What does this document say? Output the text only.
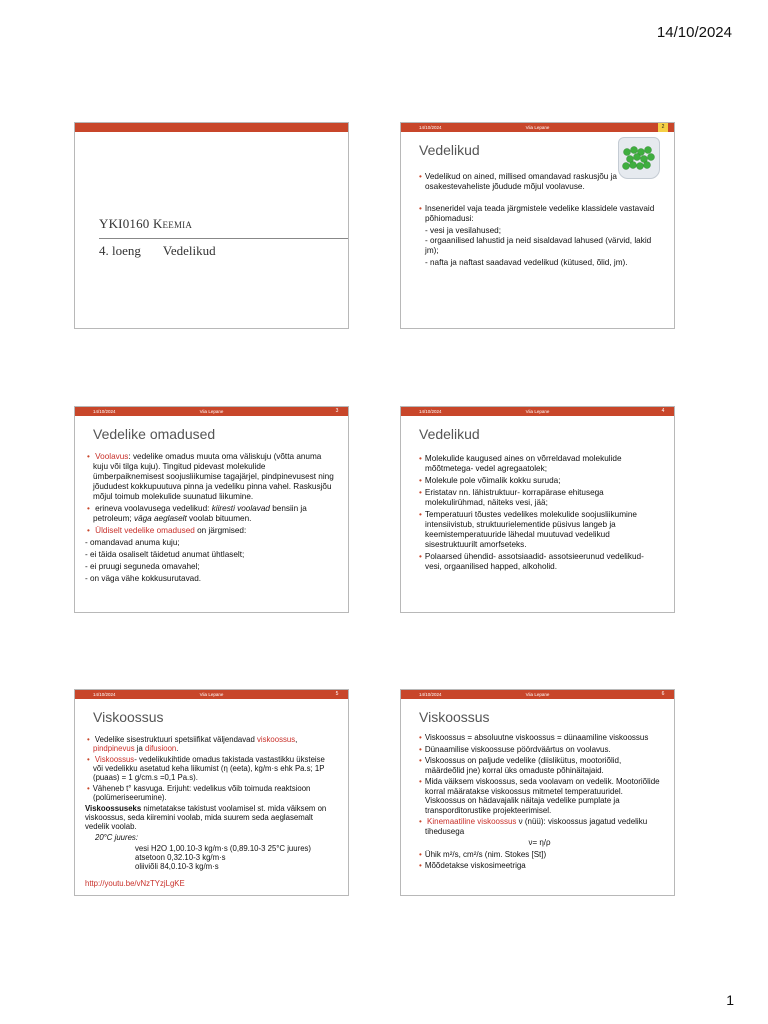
14/10/2024
YKI0160 Keemia
4. loeng Vedelikud
14/10/2024	Viia Lepane	2
Vedelikud
• Vedelikud on ained, millised omandavad raskusjõu ja osakestevaheliste jõudude mõjul voolavuse.
• Inseneridel vaja teada järgmistele vedelike klassidele vastavaid põhiomadusi:
- vesi ja vesilahused;
- orgaanilised lahustid ja neid sisaldavad lahused (värvid, lakid jm);
- nafta ja naftast saadavad vedelikud (kütused, õlid, jm).
14/10/2024	Viia Lepane	3
Vedelike omadused
• Voolavus: vedelike omadus muuta oma väliskuju (võtta anuma kuju või tilga kuju). Tingitud pidevast molekulide ümberpaiknemisest soojusliikumise tagajärjel, pindpinevusest ning jõududest kokkupuutuva pinna ja vedeliku pinna vahel. Raskusjõu mõjul toimub molekulide suunatud liikumine.
• erineva voolavusega vedelikud: kiiresti voolavad bensiin ja petroleum; väga aeglaselt voolab bituumen.
• Üldiselt vedelike omadused on järgmised:
- omandavad anuma kuju;
- ei täida osaliselt täidetud anumat ühtlaselt;
- ei pruugi seguneda omavahel;
- on väga vähe kokkusurutavad.
14/10/2024	Viia Lepane	4
Vedelikud
• Molekulide kaugused aines on võrreldavad molekulide mõõtmetega- vedel agregaatolek;
• Molekule pole võimalik kokku suruda;
• Eristatav nn. lähistruktuur- korrapärase ehitusega molekulirühmad, näiteks vesi, jää;
• Temperatuuri tõustes vedelikes molekulide soojusliikumine intensiivistub, struktuurielementide püsivus langeb ja keemistemperatuuride lähedal muutuvad vedelikud sisestruktuurilt amorfseteks.
• Polaarsed ühendid- assotsiaadid- assotsieerunud vedelikud- vesi, orgaanilised happed, alkoholid.
14/10/2024	Viia Lepane	5
Viskoossus
• Vedelike sisestruktuuri spetsiifikat väljendavad viskoossus, pindpinevus ja difusioon.
• Viskoossus- vedelikukihtide omadus takistada vastastikku üksteise või vedelikku asetatud keha liikumist (η (eeta), kg/m·s ehk Pa.s; 1P (puaas) = 1 g/cm.s =0,1 Pa.s).
• Väheneb t° kasvuga. Erijuht: vedelikus võib toimuda reaktsioon (polümeriseerumine).
Viskoossuseks nimetatakse takistust voolamisel st. mida väiksem on viskoossus, seda kiiremini voolab, mida suurem seda aeglasemalt vedelik voolab.
20°C juures:
vesi H2O 1,00.10-3 kg/m·s (0,89.10-3 25°C juures)
atsetoon 0,32.10-3 kg/m·s
oliiviõli 84,0.10-3 kg/m·s
http://youtu.be/vNzTYzjLgKE
14/10/2024	Viia Lepane	6
Viskoossus
• Viskoossus = absoluutne viskoossus = dünaamiline viskoossus
• Dünaamilise viskoossuse pöördväärtus on voolavus.
• Viskoossus on paljude vedelike (diislikütus, mootoriõlid, määrdeõlid jne) korral üks omaduste põhinäitajaid.
• Mida väiksem viskoossus, seda voolavam on vedelik. Mootoriõlide korral määratakse viskoossus mitmetel temperatuuridel. Viskoossus on hädavajalik näitaja vedelike pumplate ja transporditorustike projekteerimisel.
• Kinemaatiline viskoossus ν (nüü): viskoossus jagatud vedeliku tihedusega
ν= η/ρ
• Ühik m²/s, cm²/s (nim. Stokes [St])
• Mõõdetakse viskosimeetriga
1
